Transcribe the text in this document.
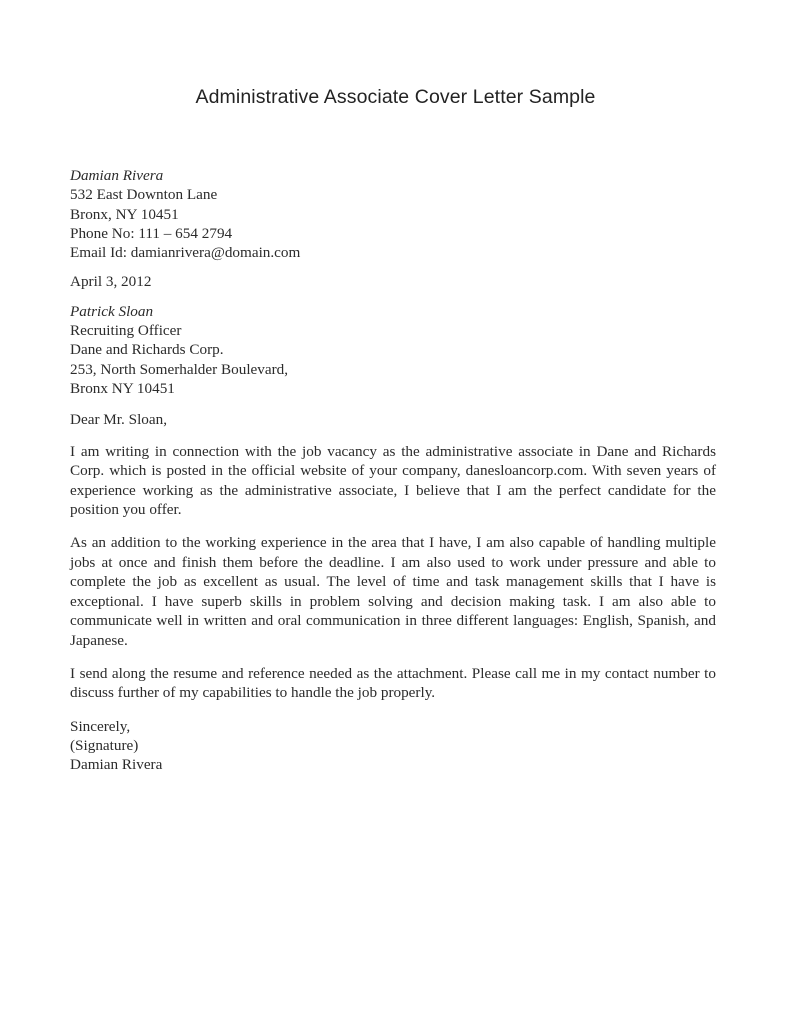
Administrative Associate Cover Letter Sample
Damian Rivera
532 East Downton Lane
Bronx, NY 10451
Phone No: 111 – 654 2794
Email Id: damianrivera@domain.com
April 3, 2012
Patrick Sloan
Recruiting Officer
Dane and Richards Corp.
253, North Somerhalder Boulevard,
Bronx NY 10451
Dear Mr. Sloan,

I am writing in connection with the job vacancy as the administrative associate in Dane and Richards Corp. which is posted in the official website of your company, danesloancorp.com. With seven years of experience working as the administrative associate, I believe that I am the perfect candidate for the position you offer.

As an addition to the working experience in the area that I have, I am also capable of handling multiple jobs at once and finish them before the deadline. I am also used to work under pressure and able to complete the job as excellent as usual. The level of time and task management skills that I have is exceptional. I have superb skills in problem solving and decision making task. I am also able to communicate well in written and oral communication in three different languages: English, Spanish, and Japanese.

I send along the resume and reference needed as the attachment. Please call me in my contact number to discuss further of my capabilities to handle the job properly.

Sincerely,
(Signature)
Damian Rivera
